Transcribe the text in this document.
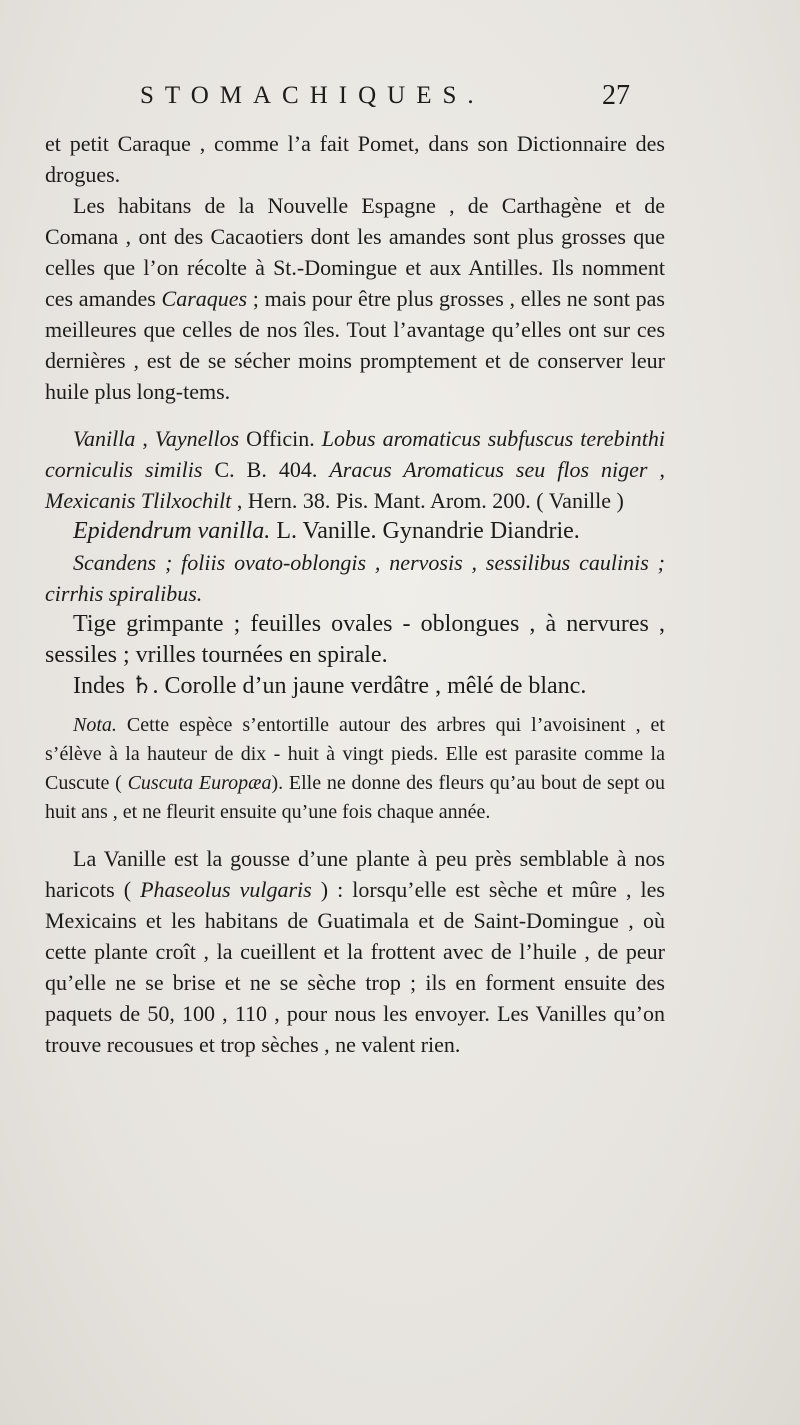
STOMACHIQUES.	27

et petit Caraque , comme l’a fait Pomet, dans son Dictionnaire des drogues.

Les habitans de la Nouvelle Espagne , de Carthagène et de Comana , ont des Cacaotiers dont les amandes sont plus grosses que celles que l’on récolte à St.-Domingue et aux Antilles. Ils nomment ces amandes Caraques ; mais pour être plus grosses , elles ne sont pas meilleures que celles de nos îles. Tout l’avantage qu’elles ont sur ces dernières , est de se sécher moins promptement et de conserver leur huile plus long-tems.

Vanilla , Vaynellos Officin. Lobus aromaticus subfuscus terebinthi corniculis similis C. B. 404. Aracus Aromaticus seu flos niger , Mexicanis Tlilxochilt , Hern. 38. Pis. Mant. Arom. 200. ( Vanille )

Epidendrum vanilla. L. Vanille. Gynandrie Diandrie.

Scandens ; foliis ovato-oblongis , nervosis , sessilibus caulinis ; cirrhis spiralibus.

Tige grimpante ; feuilles ovales - oblongues , à nervures , sessiles ; vrilles tournées en spirale.

Indes ♄. Corolle d’un jaune verdâtre , mêlé de blanc.

Nota. Cette espèce s’entortille autour des arbres qui l’avoisinent , et s’élève à la hauteur de dix - huit à vingt pieds. Elle est parasite comme la Cuscute ( Cuscuta Europæa). Elle ne donne des fleurs qu’au bout de sept ou huit ans , et ne fleurit ensuite qu’une fois chaque année.

La Vanille est la gousse d’une plante à peu près semblable à nos haricots ( Phaseolus vulgaris ) : lorsqu’elle est sèche et mûre , les Mexicains et les habitans de Guatimala et de Saint-Domingue , où cette plante croît , la cueillent et la frottent avec de l’huile , de peur qu’elle ne se brise et ne se sèche trop ; ils en forment ensuite des paquets de 50, 100 , 110 , pour nous les envoyer. Les Vanilles qu’on trouve recousues et trop sèches , ne valent rien.
